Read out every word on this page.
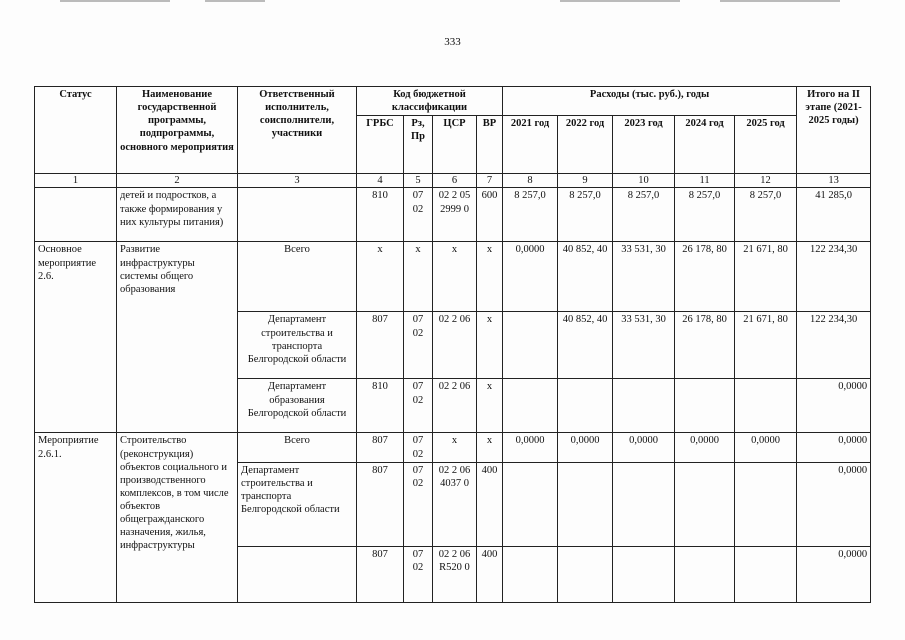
333
Статус	Наименование государственной программы, подпрограммы, основного мероприятия	Ответственный исполнитель, соисполнители, участники	Код бюджетной классификации				Расходы (тыс. руб.), годы					Итого на II этапе (2021-2025 годы)
			ГРБС	Рз, Пр	ЦСР	ВР	2021 год	2022 год	2023 год	2024 год	2025 год	
1	2	3	4	5	6	7	8	9	10	11	12	13
	детей и подростков, а также формирования у них культуры питания)		810	07 02	02 2 05 2999 0	600	8 257,0	8 257,0	8 257,0	8 257,0	8 257,0	41 285,0
Основное мероприятие 2.6.	Развитие инфраструктуры системы общего образования	Всего	х	х	х	х	0,0000	40 852, 40	33 531, 30	26 178, 80	21 671, 80	122 234,30
		Департамент строительства и транспорта Белгородской области	807	07 02	02 2 06	х		40 852, 40	33 531, 30	26 178, 80	21 671, 80	122 234,30
		Департамент образования Белгородской области	810	07 02	02 2 06	х						0,0000
Мероприятие 2.6.1.	Строительство (реконструкция) объектов социального и производственного комплексов, в том числе объектов общегражданского назначения, жилья, инфраструктуры	Всего	807	07 02	х	х	0,0000	0,0000	0,0000	0,0000	0,0000	0,0000
		Департамент строительства и транспорта Белгородской области	807	07 02	02 2 06 4037 0	400						0,0000
			807	07 02	02 2 06 R520 0	400						0,0000
